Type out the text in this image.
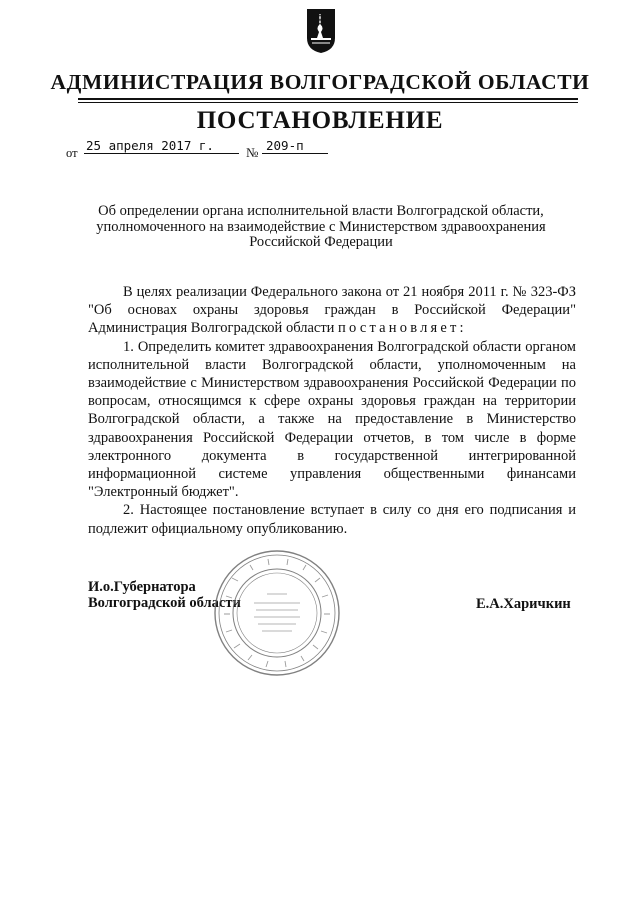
АДМИНИСТРАЦИЯ ВОЛГОГРАДСКОЙ ОБЛАСТИ
ПОСТАНОВЛЕНИЕ
от 25 апреля 2017 г. № 209-п
Об определении органа исполнительной власти Волгоградской области, уполномоченного на взаимодействие с Министерством здравоохранения Российской Федерации

В целях реализации Федерального закона от 21 ноября 2011 г. № 323-ФЗ "Об основах охраны здоровья граждан в Российской Федерации" Администрация Волгоградской области постановляет:

1. Определить комитет здравоохранения Волгоградской области органом исполнительной власти Волгоградской области, уполномоченным на взаимодействие с Министерством здравоохранения Российской Федерации по вопросам, относящимся к сфере охраны здоровья граждан на территории Волгоградской области, а также на предоставление в Министерство здравоохранения Российской Федерации отчетов, в том числе в форме электронного документа в государственной интегрированной информационной системе управления общественными финансами "Электронный бюджет".

2. Настоящее постановление вступает в силу со дня его подписания и подлежит официальному опубликованию.

И.о.Губернатора
Волгоградской области	Е.А.Харичкин
